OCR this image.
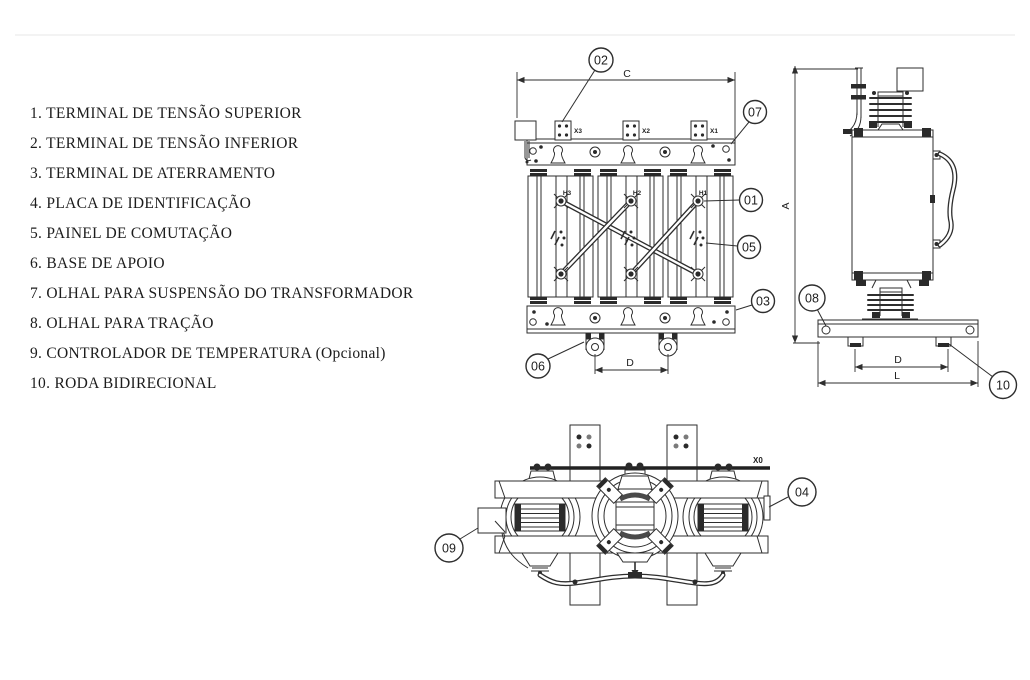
1. TERMINAL DE TENSÃO SUPERIOR
2. TERMINAL DE TENSÃO INFERIOR
3. TERMINAL DE ATERRAMENTO
4. PLACA DE IDENTIFICAÇÃO
5. PAINEL DE COMUTAÇÃO
6. BASE DE APOIO
7. OLHAL PARA SUSPENSÃO DO TRANSFORMADOR
8. OLHAL PARA TRAÇÃO
9. CONTROLADOR DE TEMPERATURA (Opcional)
10. RODA BIDIRECIONAL
C
X3	X2	X1
H3	H2	H1
D
A
D
L
X0
02
07
01
05
03
06
08
10
04
09
